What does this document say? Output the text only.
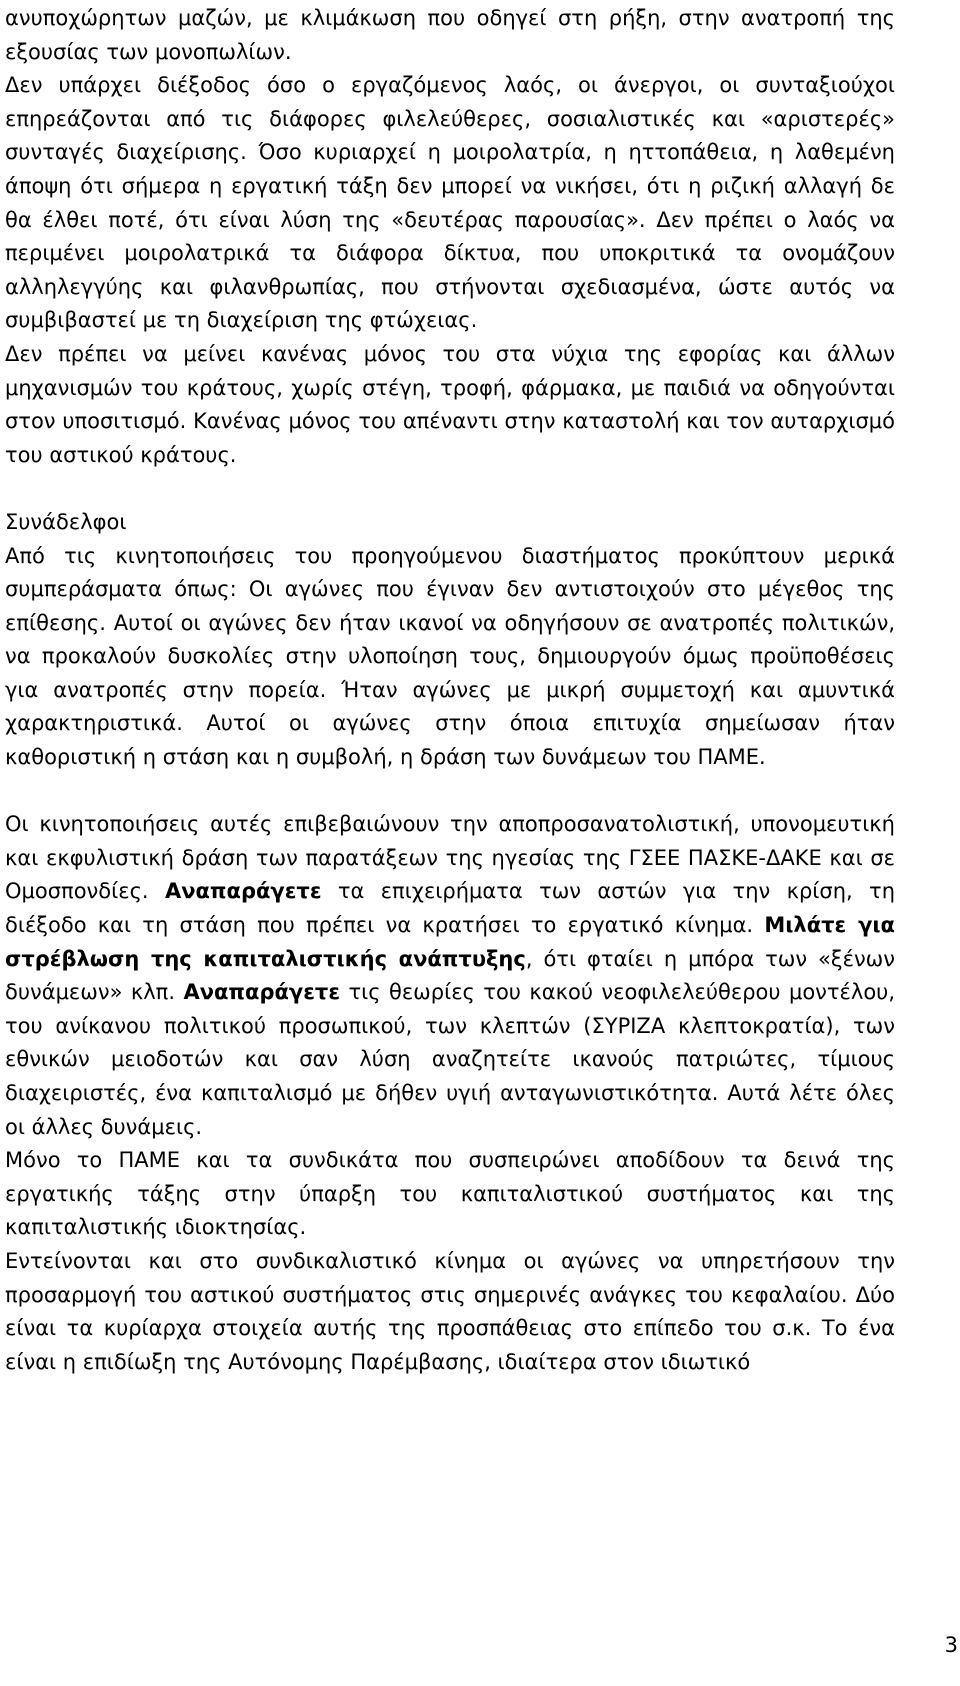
ανυποχώρητων μαζών, με κλιμάκωση που οδηγεί στη ρήξη, στην ανατροπή της εξουσίας των μονοπωλίων.

Δεν υπάρχει διέξοδος όσο ο εργαζόμενος λαός, οι άνεργοι, οι συνταξιούχοι επηρεάζονται από τις διάφορες φιλελεύθερες, σοσιαλιστικές και «αριστερές» συνταγές διαχείρισης. Όσο κυριαρχεί η μοιρολατρία, η ηττοπάθεια, η λαθεμένη άποψη ότι σήμερα η εργατική τάξη δεν μπορεί να νικήσει, ότι η ριζική αλλαγή δε θα έλθει ποτέ, ότι είναι λύση της «δευτέρας παρουσίας». Δεν πρέπει ο λαός να περιμένει μοιρολατρικά τα διάφορα δίκτυα, που υποκριτικά τα ονομάζουν αλληλεγγύης και φιλανθρωπίας, που στήνονται σχεδιασμένα, ώστε αυτός να συμβιβαστεί με τη διαχείριση της φτώχειας.

Δεν πρέπει να μείνει κανένας μόνος του στα νύχια της εφορίας και άλλων μηχανισμών του κράτους, χωρίς στέγη, τροφή, φάρμακα, με παιδιά να οδηγούνται στον υποσιτισμό. Κανένας μόνος του απέναντι στην καταστολή και τον αυταρχισμό του αστικού κράτους.

Συνάδελφοι

Από τις κινητοποιήσεις του προηγούμενου διαστήματος προκύπτουν μερικά συμπεράσματα όπως: Οι αγώνες που έγιναν δεν αντιστοιχούν στο μέγεθος της επίθεσης. Αυτοί οι αγώνες δεν ήταν ικανοί να οδηγήσουν σε ανατροπές πολιτικών, να προκαλούν δυσκολίες στην υλοποίηση τους, δημιουργούν όμως προϋποθέσεις για ανατροπές στην πορεία. Ήταν αγώνες με μικρή συμμετοχή και αμυντικά χαρακτηριστικά. Αυτοί οι αγώνες στην όποια επιτυχία σημείωσαν ήταν καθοριστική η στάση και η συμβολή, η δράση των δυνάμεων του ΠΑΜΕ.

Οι κινητοποιήσεις αυτές επιβεβαιώνουν την αποπροσανατολιστική, υπονομευτική και εκφυλιστική δράση των παρατάξεων της ηγεσίας της ΓΣΕΕ ΠΑΣΚΕ-ΔΑΚΕ και σε Ομοσπονδίες. Αναπαράγετε τα επιχειρήματα των αστών για την κρίση, τη διέξοδο και τη στάση που πρέπει να κρατήσει το εργατικό κίνημα. Μιλάτε για στρέβλωση της καπιταλιστικής ανάπτυξης, ότι φταίει η μπόρα των «ξένων δυνάμεων» κλπ. Αναπαράγετε τις θεωρίες του κακού νεοφιλελεύθερου μοντέλου, του ανίκανου πολιτικού προσωπικού, των κλεπτών (ΣΥΡΙΖΑ κλεπτοκρατία), των εθνικών μειοδοτών και σαν λύση αναζητείτε ικανούς πατριώτες, τίμιους διαχειριστές, ένα καπιταλισμό με δήθεν υγιή ανταγωνιστικότητα. Αυτά λέτε όλες οι άλλες δυνάμεις.

Μόνο το ΠΑΜΕ και τα συνδικάτα που συσπειρώνει αποδίδουν τα δεινά της εργατικής τάξης στην ύπαρξη του καπιταλιστικού συστήματος και της καπιταλιστικής ιδιοκτησίας.

Εντείνονται και στο συνδικαλιστικό κίνημα οι αγώνες να υπηρετήσουν την προσαρμογή του αστικού συστήματος στις σημερινές ανάγκες του κεφαλαίου. Δύο είναι τα κυρίαρχα στοιχεία αυτής της προσπάθειας στο επίπεδο του σ.κ. Το ένα είναι η επιδίωξη της Αυτόνομης Παρέμβασης, ιδιαίτερα στον ιδιωτικό

3
